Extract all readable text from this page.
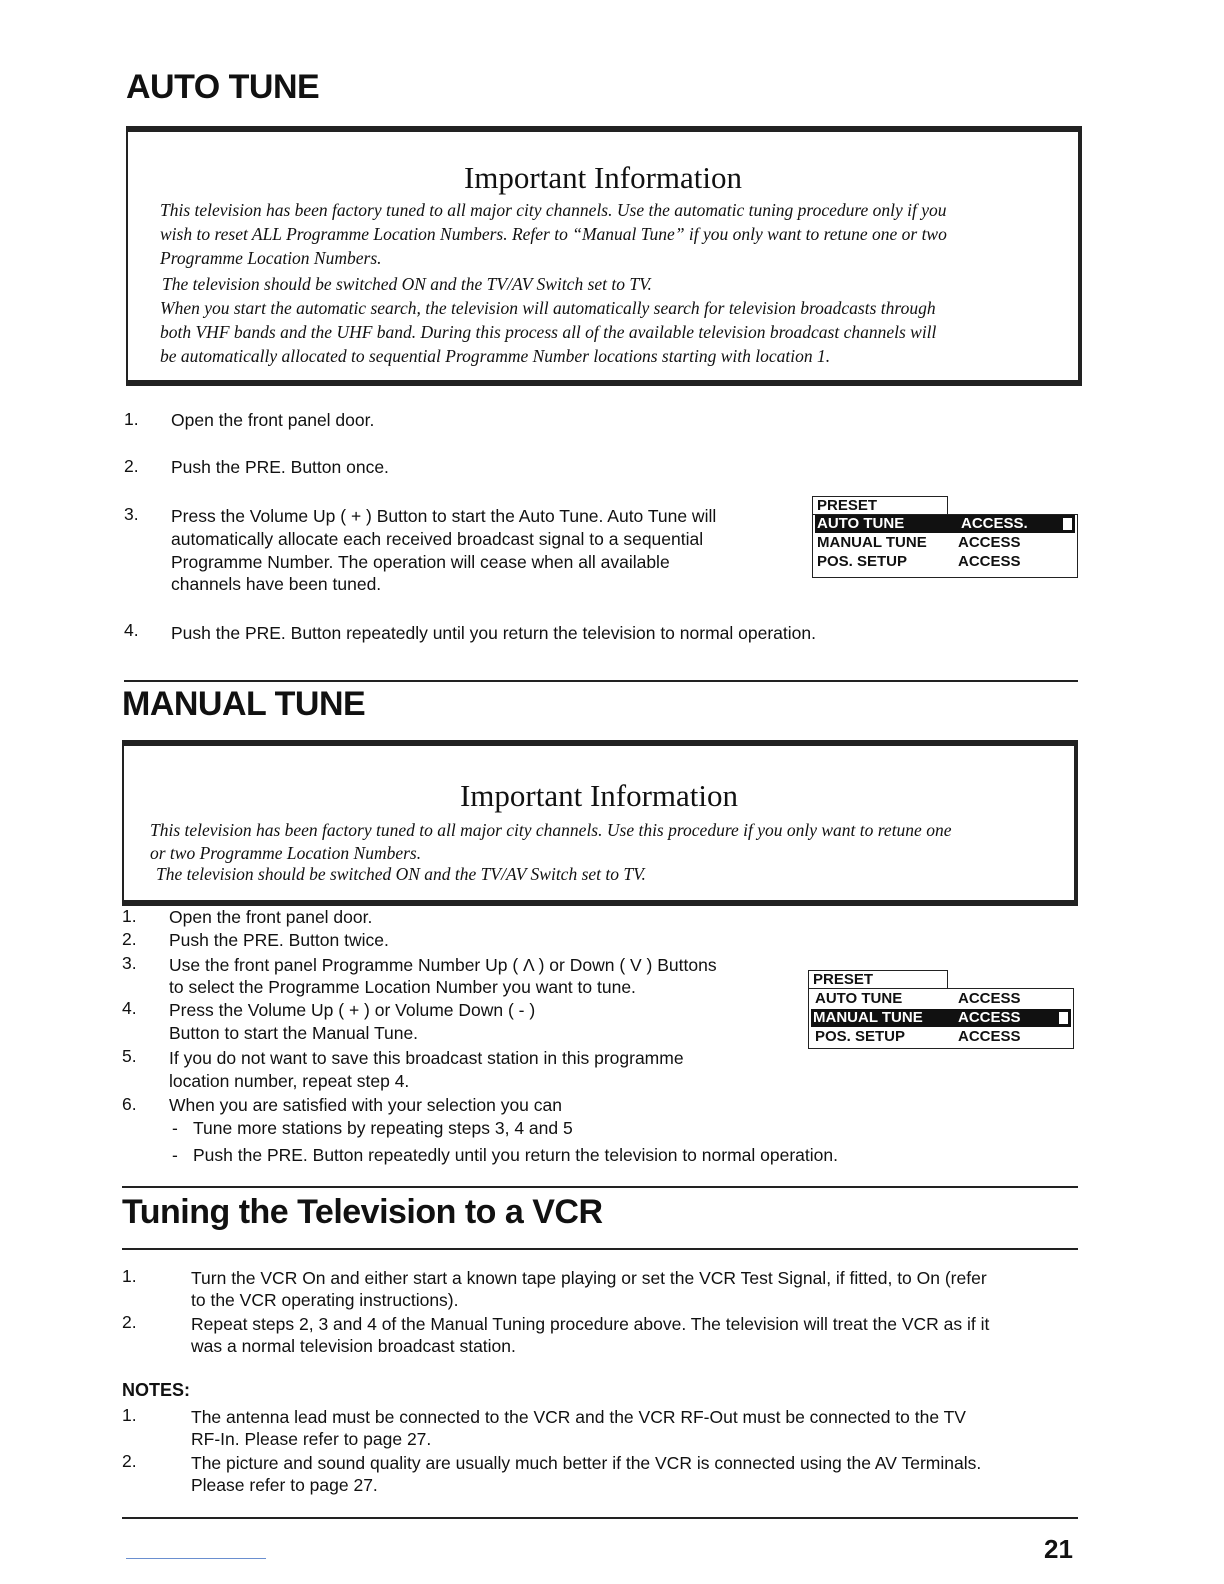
AUTO TUNE
Important Information
This television has been factory tuned to all major city channels. Use the automatic tuning procedure only if you
wish to reset ALL Programme Location Numbers. Refer to “Manual Tune” if you only want to retune one or two
Programme Location Numbers.
The television should be switched ON and the TV/AV Switch set to TV.
When you start the automatic search, the television will automatically search for television broadcasts through
both VHF bands and the UHF band. During this process all of the available television broadcast channels will
be automatically allocated to sequential Programme Number locations starting with location 1.
1. Open the front panel door.
2. Push the PRE. Button once.
3. Press the Volume Up ( + ) Button to start the Auto Tune. Auto Tune will
automatically allocate each received broadcast signal to a sequential
Programme Number. The operation will cease when all available
channels have been tuned.
4. Push the PRE. Button repeatedly until you return the television to normal operation.
PRESET
AUTO TUNE	ACCESS.
MANUAL TUNE ACCESS
POS. SETUP	ACCESS
MANUAL TUNE
Important Information
This television has been factory tuned to all major city channels. Use this procedure if you only want to retune one
or two Programme Location Numbers.
The television should be switched ON and the TV/AV Switch set to TV.
1. Open the front panel door.
2. Push the PRE. Button twice.
3. Use the front panel Programme Number Up ( Λ ) or Down ( V ) Buttons
to select the Programme Location Number you want to tune.
4. Press the Volume Up ( + ) or Volume Down ( - )
Button to start the Manual Tune.
5. If you do not want to save this broadcast station in this programme
location number, repeat step 4.
6. When you are satisfied with your selection you can
- Tune more stations by repeating steps 3, 4 and 5
- Push the PRE. Button repeatedly until you return the television to normal operation.
PRESET
AUTO TUNE	ACCESS
MANUAL TUNE ACCESS
POS. SETUP	ACCESS
Tuning the Television to a VCR
1.	Turn the VCR On and either start a known tape playing or set the VCR Test Signal, if fitted, to On (refer
to the VCR operating instructions).
2.	Repeat steps 2, 3 and 4 of the Manual Tuning procedure above. The television will treat the VCR as if it
was a normal television broadcast station.
NOTES:
1.	The antenna lead must be connected to the VCR and the VCR RF-Out must be connected to the TV
RF-In. Please refer to page 27.
2.	The picture and sound quality are usually much better if the VCR is connected using the AV Terminals.
Please refer to page 27.
21
